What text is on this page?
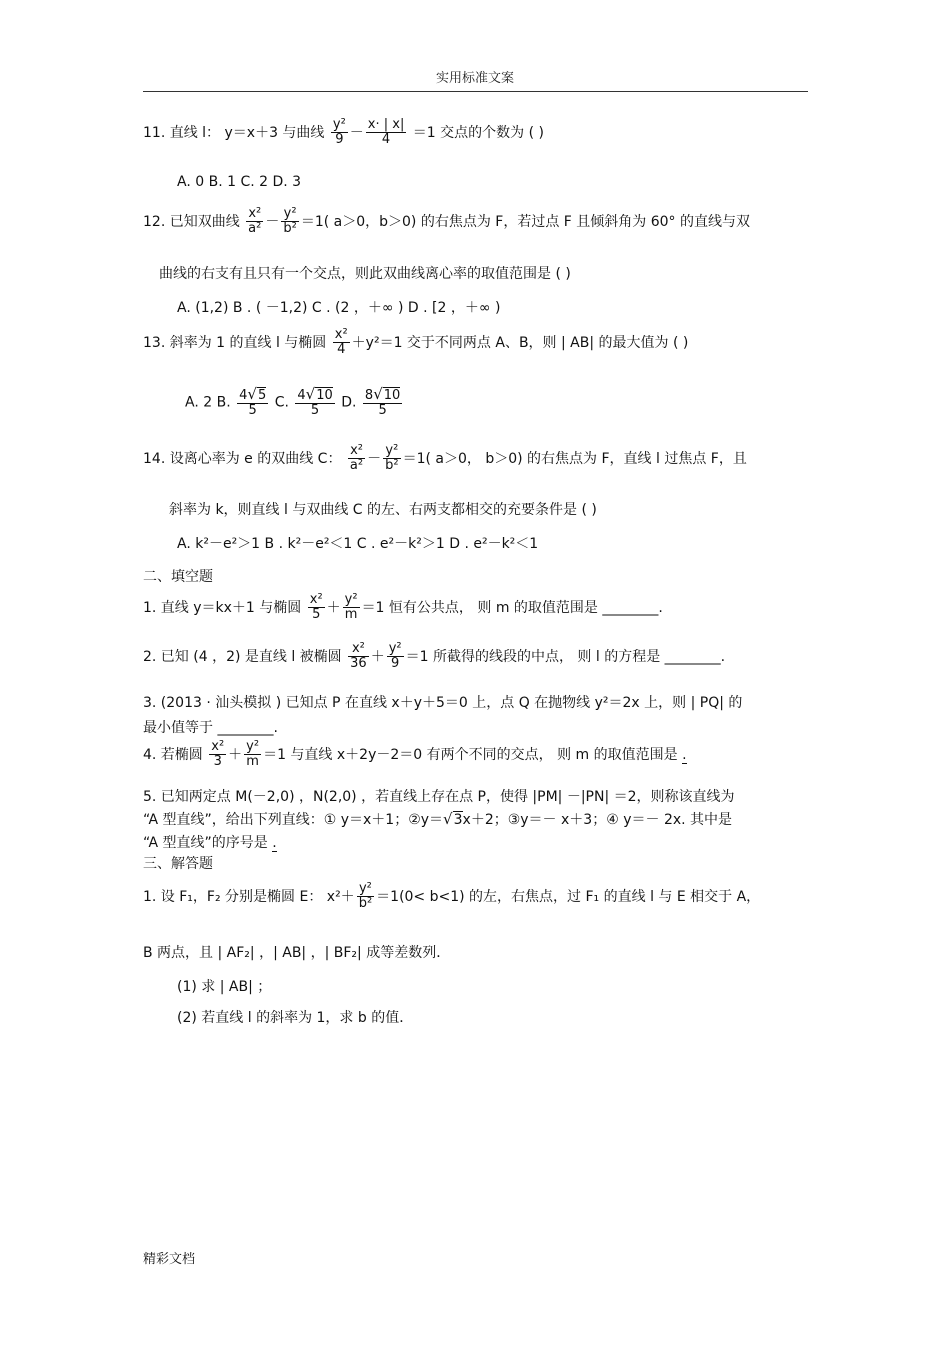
实用标准文案
11. 直线 l： y＝x＋3 与曲线 $\frac{\text{y²}}{9} - \frac{x\cdot | x|}{4} =1$ 交点的个数为 ( )
A. 0 B. 1 C. 2 D. 3
12. 已知双曲线 $\frac{\text{x²}}{\text{a²}} - \frac{\text{y²}}{\text{b²}} =1$( a＞0，b＞0) 的右焦点为 F，若过点 F 且倾斜角为 60° 的直线与双
曲线的右支有且只有一个交点，则此双曲线离心率的取值范围是 ( )
A. (1,2) B . ( －1,2) C . (2 ，＋∞ ) D . [2 ，＋∞ )
13. 斜率为 1 的直线 l 与椭圆 $\frac{\text{x²}}{4} +y^2=1$ 交于不同两点 A、B，则 | AB| 的最大值为 ( )
A. 2 B. $\frac{4√5}{5} C$. $\frac{4√10}{5} D$. $\frac{8√10}{5}$
14. 设离心率为 e 的双曲线 C： $\frac{\text{x²}}{\text{a²}} - \frac{\text{y²}}{\text{b²}} =1$( a＞0， b＞0) 的右焦点为 F，直线 l 过焦点 F，且
斜率为 k，则直线 l 与双曲线 C 的左、右两支都相交的充要条件是 ( )
A. k²－e²＞1 B . k²－e²＜1 C . e²－k²＞1 D . e²－k²＜1
二、填空题
1. 直线 y＝kx＋1 与椭圆 $\frac{\text{x²}}{5} + \frac{\text{y²}}{m} =1$ 恒有公共点， 则 m 的取值范围是 ________.
2. 已知 (4 ，2) 是直线 l 被椭圆 $\frac{\text{x²}}{36} + \frac{\text{y²}}{9} =1$ 所截得的线段的中点， 则 l 的方程是 ________.
3. (2013 · 汕头模拟 ) 已知点 P 在直线 x＋y＋5＝0 上，点 Q 在抛物线 y²＝2x 上，则 | PQ| 的
最小值等于 ________.
4. 若椭圆 $\frac{\text{x²}}{3} + \frac{\text{y²}}{m} =1$ 与直线 x＋2y－2＝0 有两个不同的交点， 则 m 的取值范围是 .
5. 已知两定点 M(－2,0) ，N(2,0) ，若直线上存在点 P，使得 |PM| －|PN| ＝2，则称该直线为
“A 型直线”，给出下列直线：① y＝x＋1；②y＝√3x＋2；③y＝－ x＋3；④ y＝－ 2x. 其中是
“A 型直线”的序号是 .
三、解答题
1. 设 F₁，F₂ 分别是椭圆 E： $x^2+ \frac{\text{y²}}{\text{b²}} =1(0< b<1)$ 的左，右焦点，过 F₁ 的直线 l 与 E 相交于 A，
B 两点，且 | AF₂| ，| AB| ，| BF₂| 成等差数列．
(1) 求 | AB| ；
(2) 若直线 l 的斜率为 1，求 b 的值．
精彩文档
